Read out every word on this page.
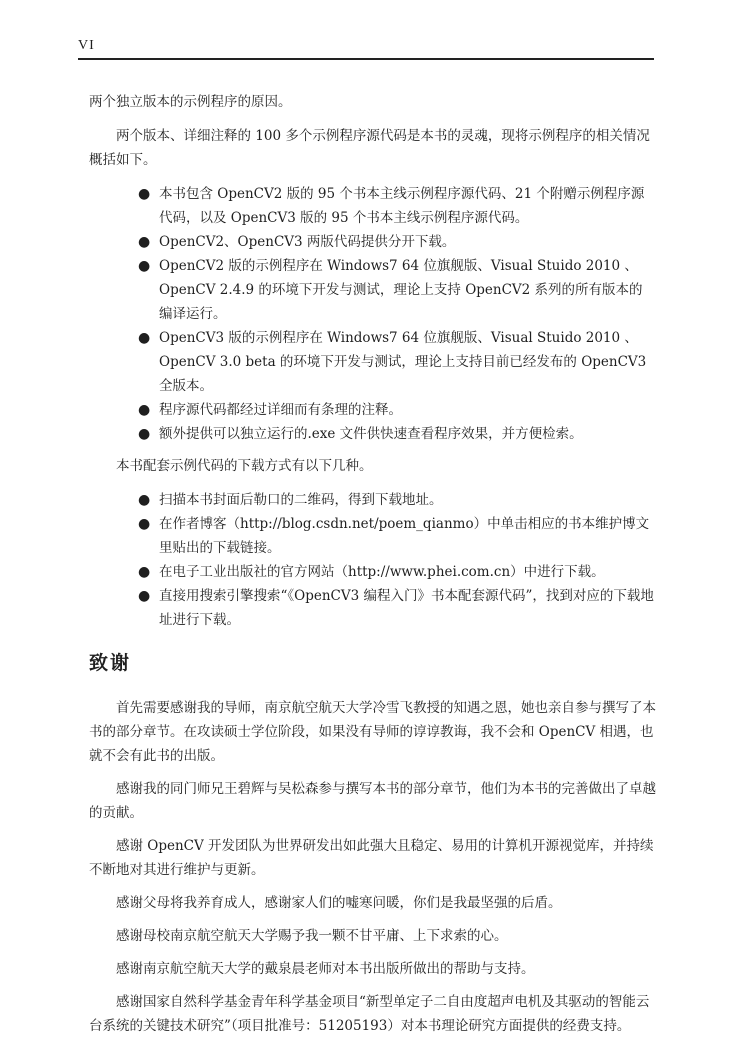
VI

两个独立版本的示例程序的原因。

两个版本、详细注释的 100 多个示例程序源代码是本书的灵魂，现将示例程序的相关情况概括如下。

● 本书包含 OpenCV2 版的 95 个书本主线示例程序源代码、21 个附赠示例程序源代码，以及 OpenCV3 版的 95 个书本主线示例程序源代码。
● OpenCV2、OpenCV3 两版代码提供分开下载。
● OpenCV2 版的示例程序在 Windows7 64 位旗舰版、Visual Stuido 2010 、OpenCV 2.4.9 的环境下开发与测试，理论上支持 OpenCV2 系列的所有版本的编译运行。
● OpenCV3 版的示例程序在 Windows7 64 位旗舰版、Visual Stuido 2010 、OpenCV 3.0 beta 的环境下开发与测试，理论上支持目前已经发布的 OpenCV3 全版本。
● 程序源代码都经过详细而有条理的注释。
● 额外提供可以独立运行的.exe 文件供快速查看程序效果，并方便检索。

本书配套示例代码的下载方式有以下几种。

● 扫描本书封面后勒口的二维码，得到下载地址。
● 在作者博客（http://blog.csdn.net/poem_qianmo）中单击相应的书本维护博文里贴出的下载链接。
● 在电子工业出版社的官方网站（http://www.phei.com.cn）中进行下载。
● 直接用搜索引擎搜索“《OpenCV3 编程入门》书本配套源代码”，找到对应的下载地址进行下载。
致谢

首先需要感谢我的导师，南京航空航天大学冷雪飞教授的知遇之恩，她也亲自参与撰写了本书的部分章节。在攻读硕士学位阶段，如果没有导师的谆谆教诲，我不会和 OpenCV 相遇，也就不会有此书的出版。

感谢我的同门师兄王碧辉与吴松森参与撰写本书的部分章节，他们为本书的完善做出了卓越的贡献。

感谢 OpenCV 开发团队为世界研发出如此强大且稳定、易用的计算机开源视觉库，并持续不断地对其进行维护与更新。

感谢父母将我养育成人，感谢家人们的嘘寒问暖，你们是我最坚强的后盾。

感谢母校南京航空航天大学赐予我一颗不甘平庸、上下求索的心。

感谢南京航空航天大学的戴泉晨老师对本书出版所做出的帮助与支持。

感谢国家自然科学基金青年科学基金项目“新型单定子二自由度超声电机及其驱动的智能云台系统的关键技术研究”（项目批准号：51205193）对本书理论研究方面提供的经费支持。
